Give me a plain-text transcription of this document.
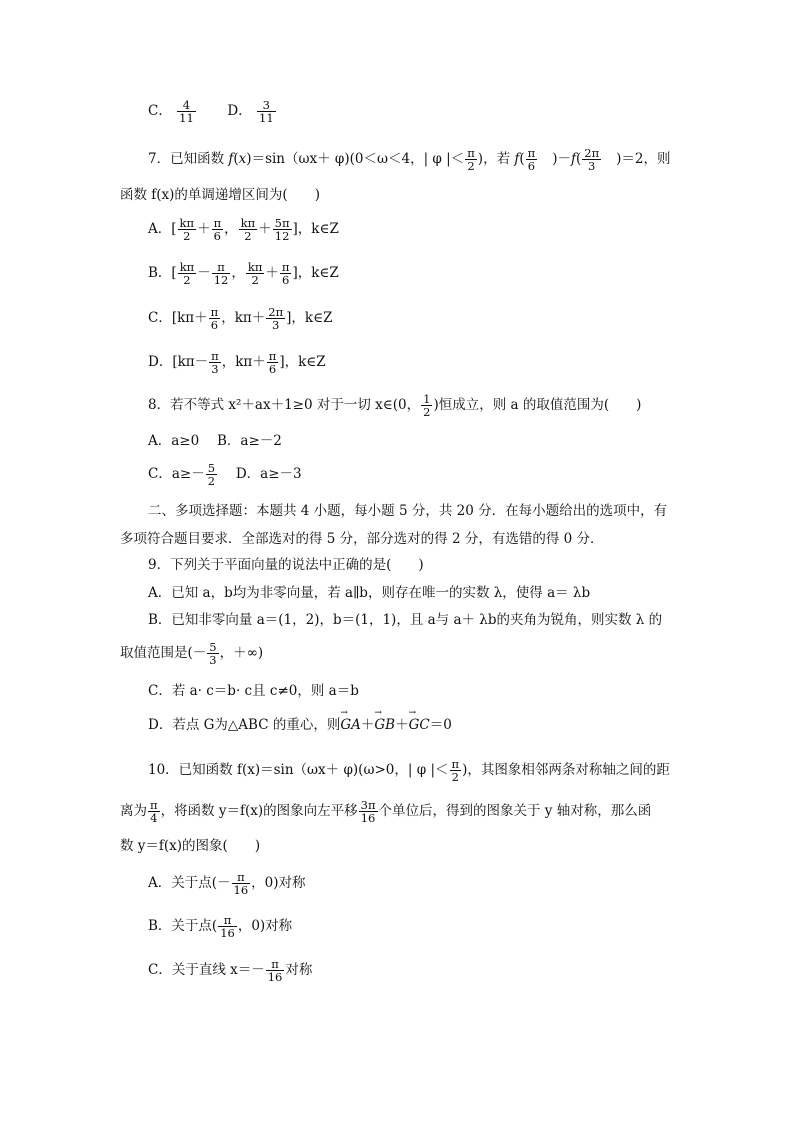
C． $\frac{4}{11}$ D． $\frac{3}{11}$
7．已知函数 f(x)＝sin（ωx＋ φ)(0＜ω＜4，| φ |＜ $\frac{\pi}{2}$ )，若 $f( \frac{\pi}{6} )-f( \frac{2\pi}{3} )=2$，则
函数 f(x)的单调递增区间为(　　)
A．[ $\frac{k\pi}{2} + \frac{\pi}{6}$ ， $\frac{k\pi}{2} + \frac{5\pi}{12}$ ]，k∈Z
B．[ $\frac{k\pi}{2} - \frac{\pi}{12}$ ， $\frac{k\pi}{2} + \frac{\pi}{6}$ ]，k∈Z
C．[$k\pi+ \frac{\pi}{6}$ ，$k\pi+ \frac{2\pi}{3}$ ]，k∈Z
D．[$k\pi- \frac{\pi}{3}$ ，$k\pi+ \frac{\pi}{6}$ ]，k∈Z
8．若不等式 x²＋ax＋1≥0 对于一切 x∈(0， $\frac{1}{2}$ )恒成立，则 a 的取值范围为(　　)
A．a≥0　 B．a≥－2
C．$a\ge- \frac{5}{2}$ 　 D．a≥－3
二、多项选择题：本题共 4 小题，每小题 5 分，共 20 分．在每小题给出的选项中，有
多项符合题目要求．全部选对的得 5 分，部分选对的得 2 分，有选错的得 0 分．
9．下列关于平面向量的说法中正确的是(　　)
A．已知 a，b均为非零向量，若 a∥b，则存在唯一的实数 λ，使得 a＝ λb
B．已知非零向量 a＝(1，2)，b＝(1，1)，且 a与 a＋ λb的夹角为锐角，则实数 λ 的
取值范围是(－ $\frac{5}{3}$ ，＋∞)
C．若 a· c＝b· c且 c≠0，则 a＝b
D．若点 G为△ABC 的重心，则→ GA＋→ GB＋→ GC＝0
10．已知函数 f(x)＝sin（ωx＋ φ)(ω>0，| φ |＜ $\frac{\pi}{2}$ )，其图象相邻两条对称轴之间的距
离为 $\frac{\pi}{4}$ ，将函数 y＝f(x)的图象向左平移 $\frac{3\pi}{16}$ 个单位后，得到的图象关于 y 轴对称，那么函
数 y＝f(x)的图象(　　)
A．关于点(－ $\frac{\pi}{16}$ ，0)对称
B．关于点( $\frac{\pi}{16}$ ，0)对称
C．关于直线 $x=- \frac{\pi}{16}$ 对称
